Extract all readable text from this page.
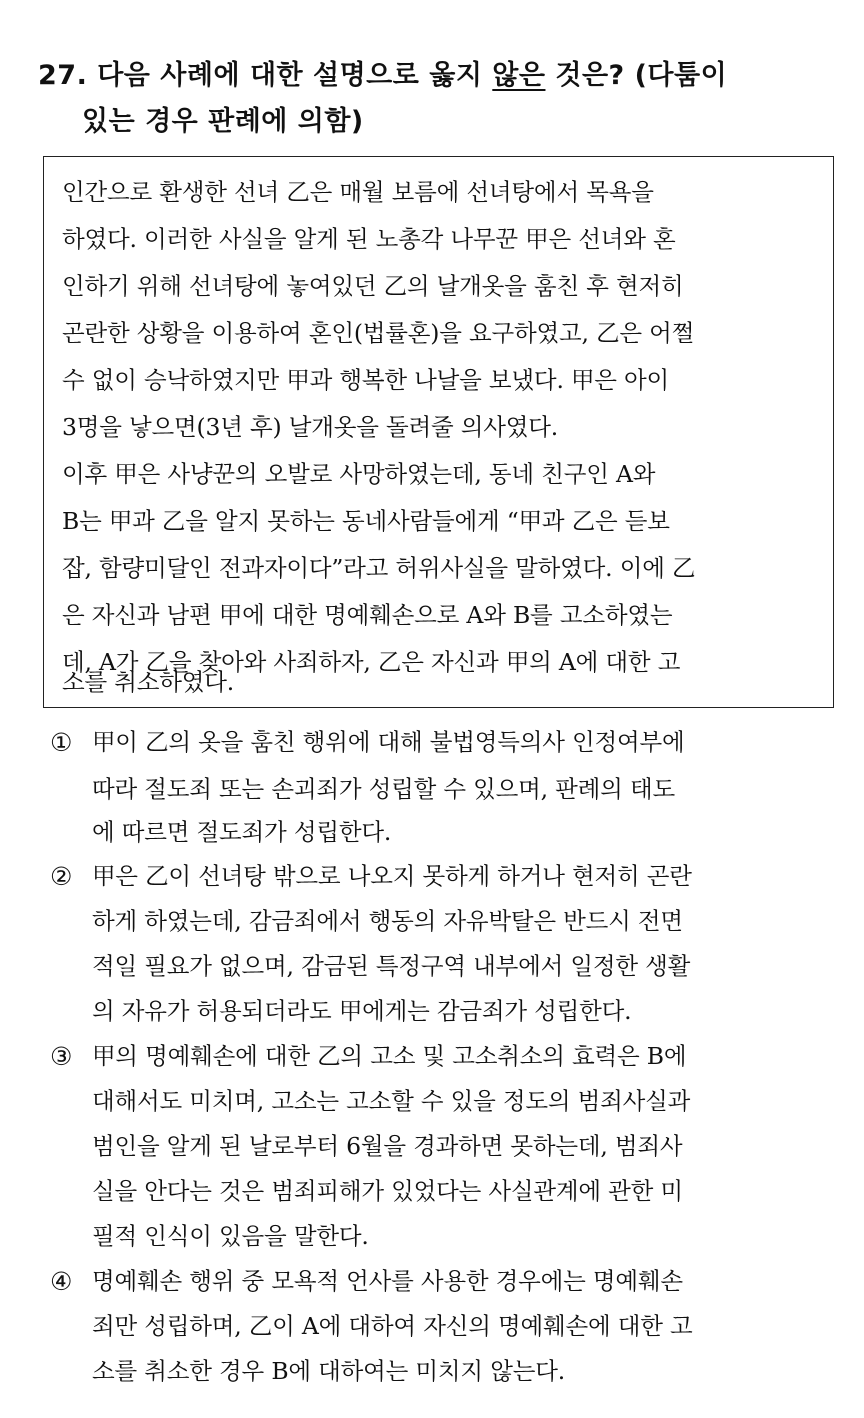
27. 다음 사례에 대한 설명으로 옳지 않은 것은? (다툼이
있는 경우 판례에 의함)
인간으로 환생한 선녀 乙은 매월 보름에 선녀탕에서 목욕을
하였다. 이러한 사실을 알게 된 노총각 나무꾼 甲은 선녀와 혼
인하기 위해 선녀탕에 놓여있던 乙의 날개옷을 훔친 후 현저히
곤란한 상황을 이용하여 혼인(법률혼)을 요구하였고, 乙은 어쩔
수 없이 승낙하였지만 甲과 행복한 나날을 보냈다. 甲은 아이
3명을 낳으면(3년 후) 날개옷을 돌려줄 의사였다.
이후 甲은 사냥꾼의 오발로 사망하였는데, 동네 친구인 A와
B는 甲과 乙을 알지 못하는 동네사람들에게 “甲과 乙은 듣보
잡, 함량미달인 전과자이다”라고 허위사실을 말하였다. 이에 乙
은 자신과 남편 甲에 대한 명예훼손으로 A와 B를 고소하였는
데, A가 乙을 찾아와 사죄하자, 乙은 자신과 甲의 A에 대한 고
소를 취소하였다.
① 甲이 乙의 옷을 훔친 행위에 대해 불법영득의사 인정여부에
따라 절도죄 또는 손괴죄가 성립할 수 있으며, 판례의 태도
에 따르면 절도죄가 성립한다.
② 甲은 乙이 선녀탕 밖으로 나오지 못하게 하거나 현저히 곤란
하게 하였는데, 감금죄에서 행동의 자유박탈은 반드시 전면
적일 필요가 없으며, 감금된 특정구역 내부에서 일정한 생활
의 자유가 허용되더라도 甲에게는 감금죄가 성립한다.
③ 甲의 명예훼손에 대한 乙의 고소 및 고소취소의 효력은 B에
대해서도 미치며, 고소는 고소할 수 있을 정도의 범죄사실과
범인을 알게 된 날로부터 6월을 경과하면 못하는데, 범죄사
실을 안다는 것은 범죄피해가 있었다는 사실관계에 관한 미
필적 인식이 있음을 말한다.
④ 명예훼손 행위 중 모욕적 언사를 사용한 경우에는 명예훼손
죄만 성립하며, 乙이 A에 대하여 자신의 명예훼손에 대한 고
소를 취소한 경우 B에 대하여는 미치지 않는다.
